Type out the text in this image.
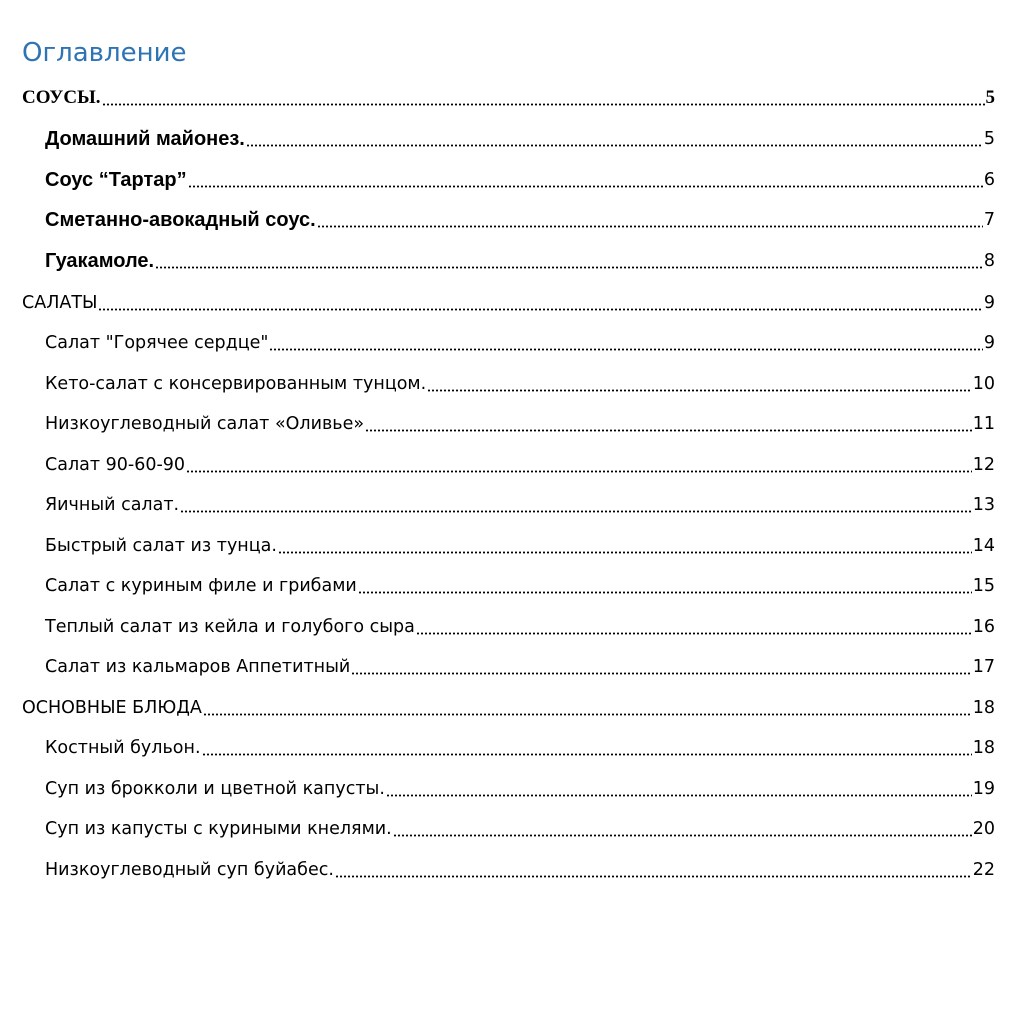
Оглавление
СОУСЫ.	5
Домашний майонез.	5
Соус “Тартар”	6
Сметанно-авокадный соус.	7
Гуакамоле.	8
САЛАТЫ	9
Салат "Горячее сердце"	9
Кето-салат с консервированным тунцом.	10
Низкоуглеводный салат «Оливье»	11
Салат 90-60-90	12
Яичный салат.	13
Быстрый салат из тунца.	14
Салат с куриным филе и грибами	15
Теплый салат из кейла и голубого сыра	16
Салат из кальмаров Аппетитный	17
ОСНОВНЫЕ БЛЮДА	18
Костный бульон.	18
Суп из брокколи и цветной капусты.	19
Суп из капусты с куриными кнелями.	20
Низкоуглеводный суп буйабес.	22
